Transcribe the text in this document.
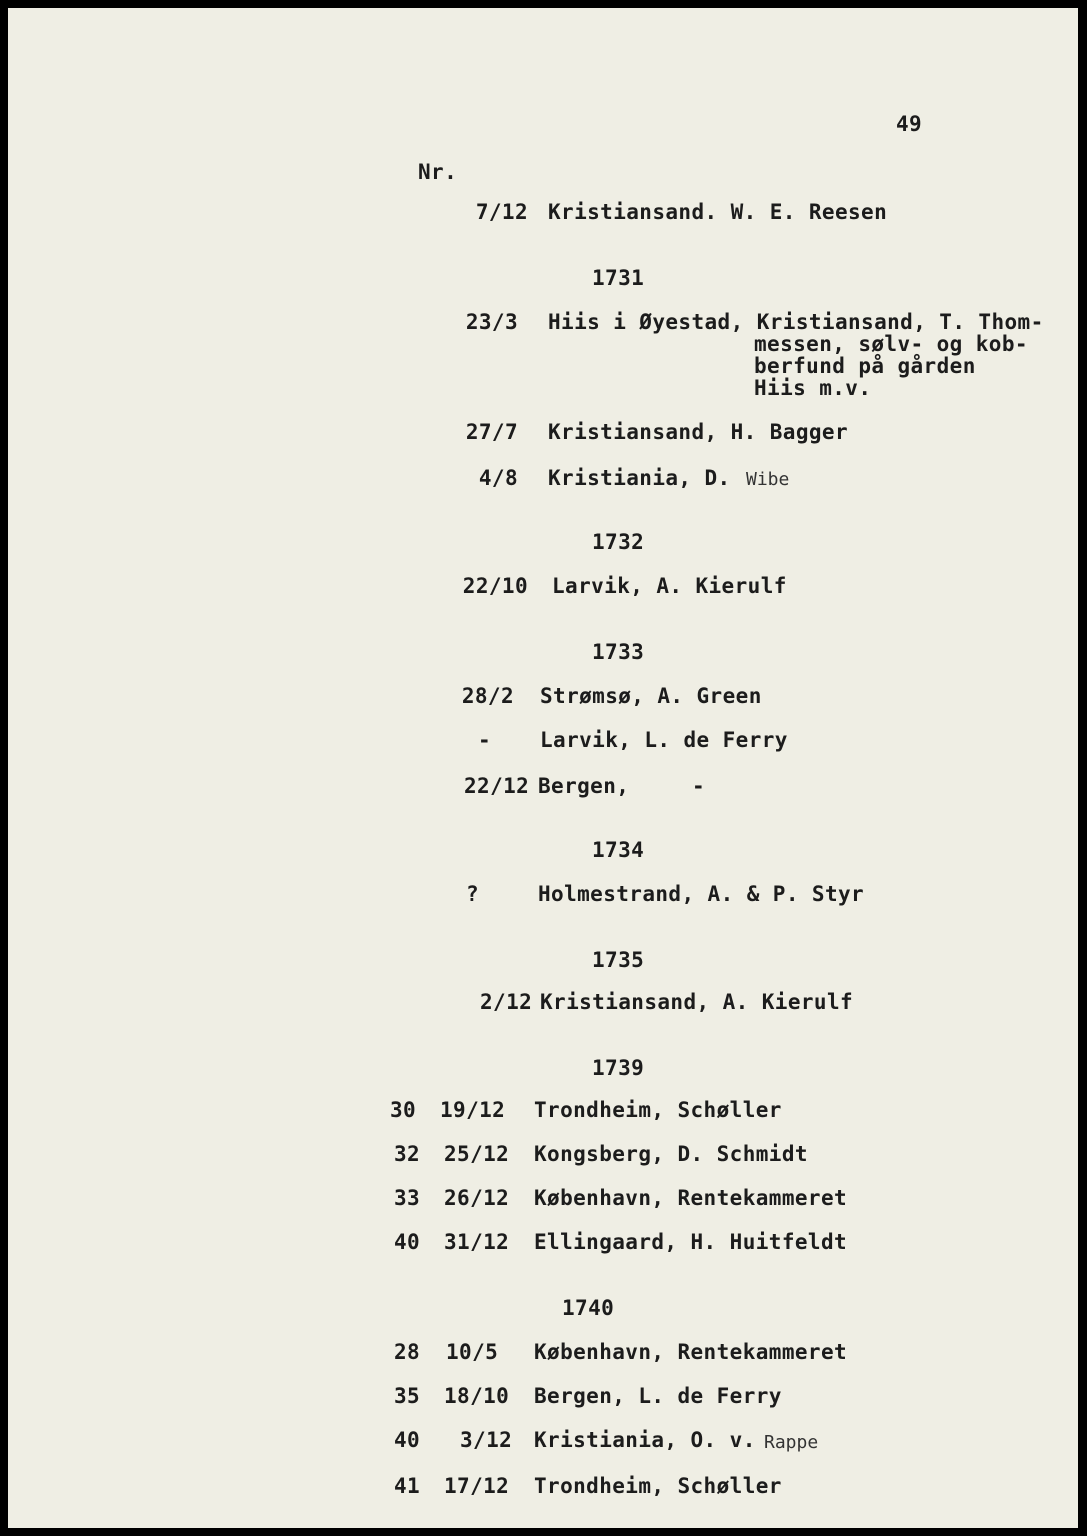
49
Nr.
7/12 Kristiansand. W. E. Reesen
1731
23/3 Hiis i Øyestad, Kristiansand, T. Thom-
messen, sølv- og kob-
berfund på gården
Hiis m.v.
27/7 Kristiansand, H. Bagger
4/8 Kristiania, D. Wibe
1732
22/10 Larvik, A. Kierulf
1733
28/2 Strømsø, A. Green
- Larvik, L. de Ferry
22/12 Bergen,	-
1734
?	Holmestrand, A. & P. Styr
1735
2/12 Kristiansand, A. Kierulf
1739
30 19/12 Trondheim, Schøller
32 25/12 Kongsberg, D. Schmidt
33 26/12 København, Rentekammeret
40 31/12 Ellingaard, H. Huitfeldt
1740
28 10/5 København, Rentekammeret
35 18/10 Bergen, L. de Ferry
40 3/12 Kristiania, O. v. Rappe
41 17/12 Trondheim, Schøller
